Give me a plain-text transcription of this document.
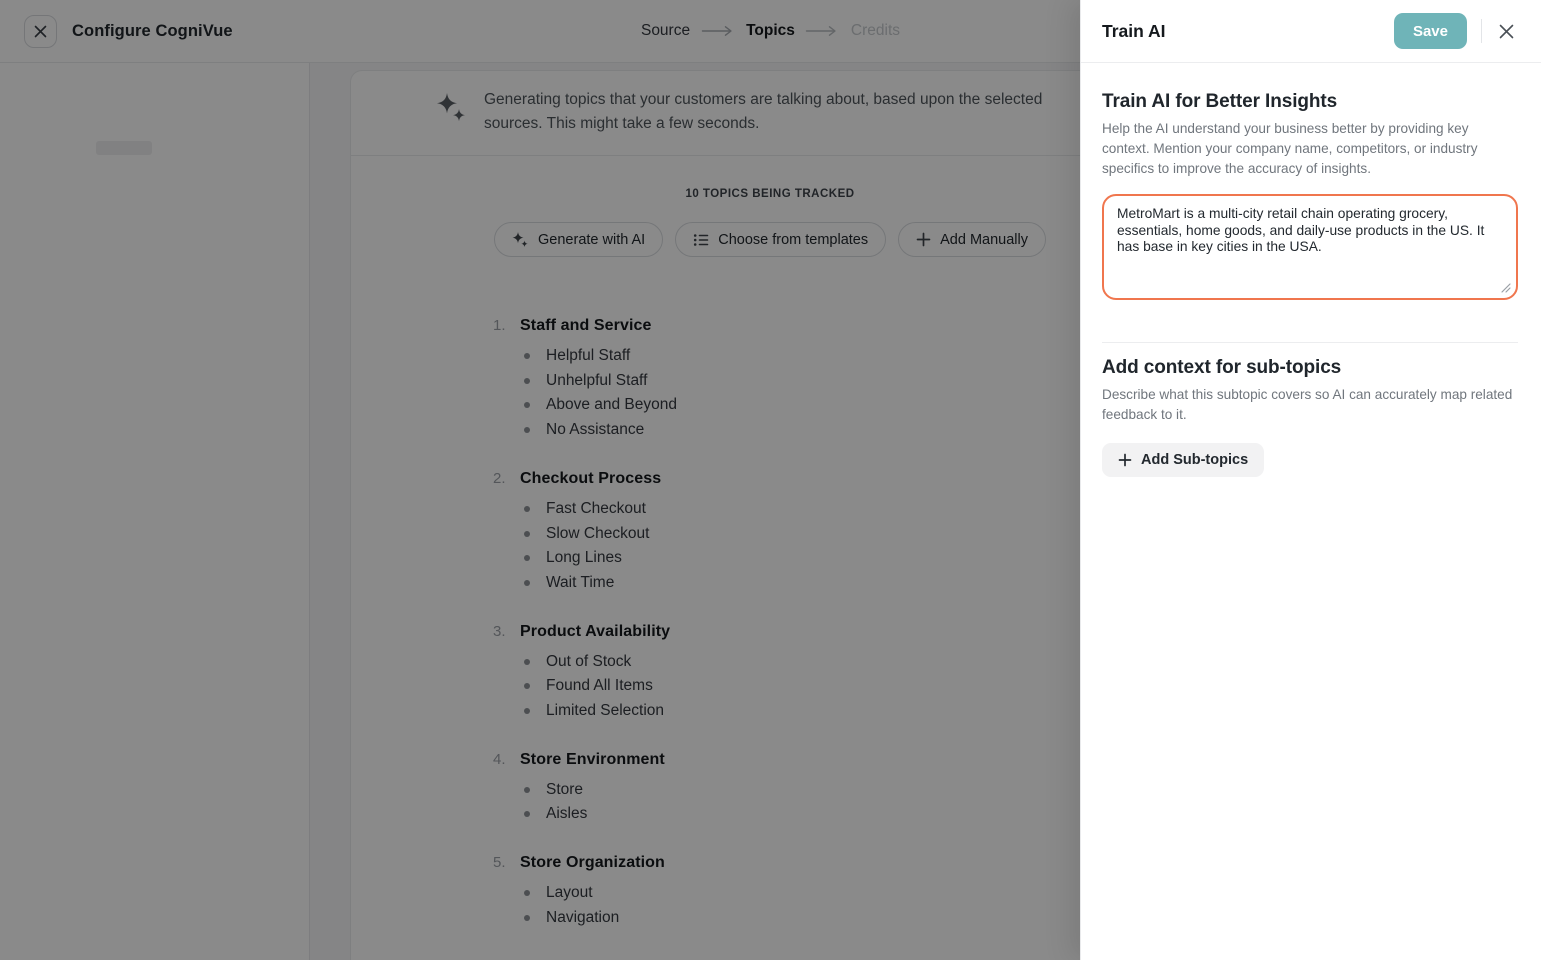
Configure CogniVue	Source	Topics	Credits

Generating topics that your customers are talking about, based upon the selected sources. This might take a few seconds.

10 TOPICS BEING TRACKED
Generate with AI	Choose from templates	Add Manually
1. Staff and Service
Helpful Staff
Unhelpful Staff
Above and Beyond
No Assistance
2. Checkout Process
Fast Checkout
Slow Checkout
Long Lines
Wait Time
3. Product Availability
Out of Stock
Found All Items
Limited Selection
4. Store Environment
Store
Aisles
5. Store Organization
Layout
Navigation
Train AI	Save
Train AI for Better Insights

Help the AI understand your business better by providing key context. Mention your company name, competitors, or industry specifics to improve the accuracy of insights.

MetroMart is a multi-city retail chain operating grocery, essentials, home goods, and daily-use products in the US. It has base in key cities in the USA.
Add context for sub-topics

Describe what this subtopic covers so AI can accurately map related feedback to it.

Add Sub-topics
